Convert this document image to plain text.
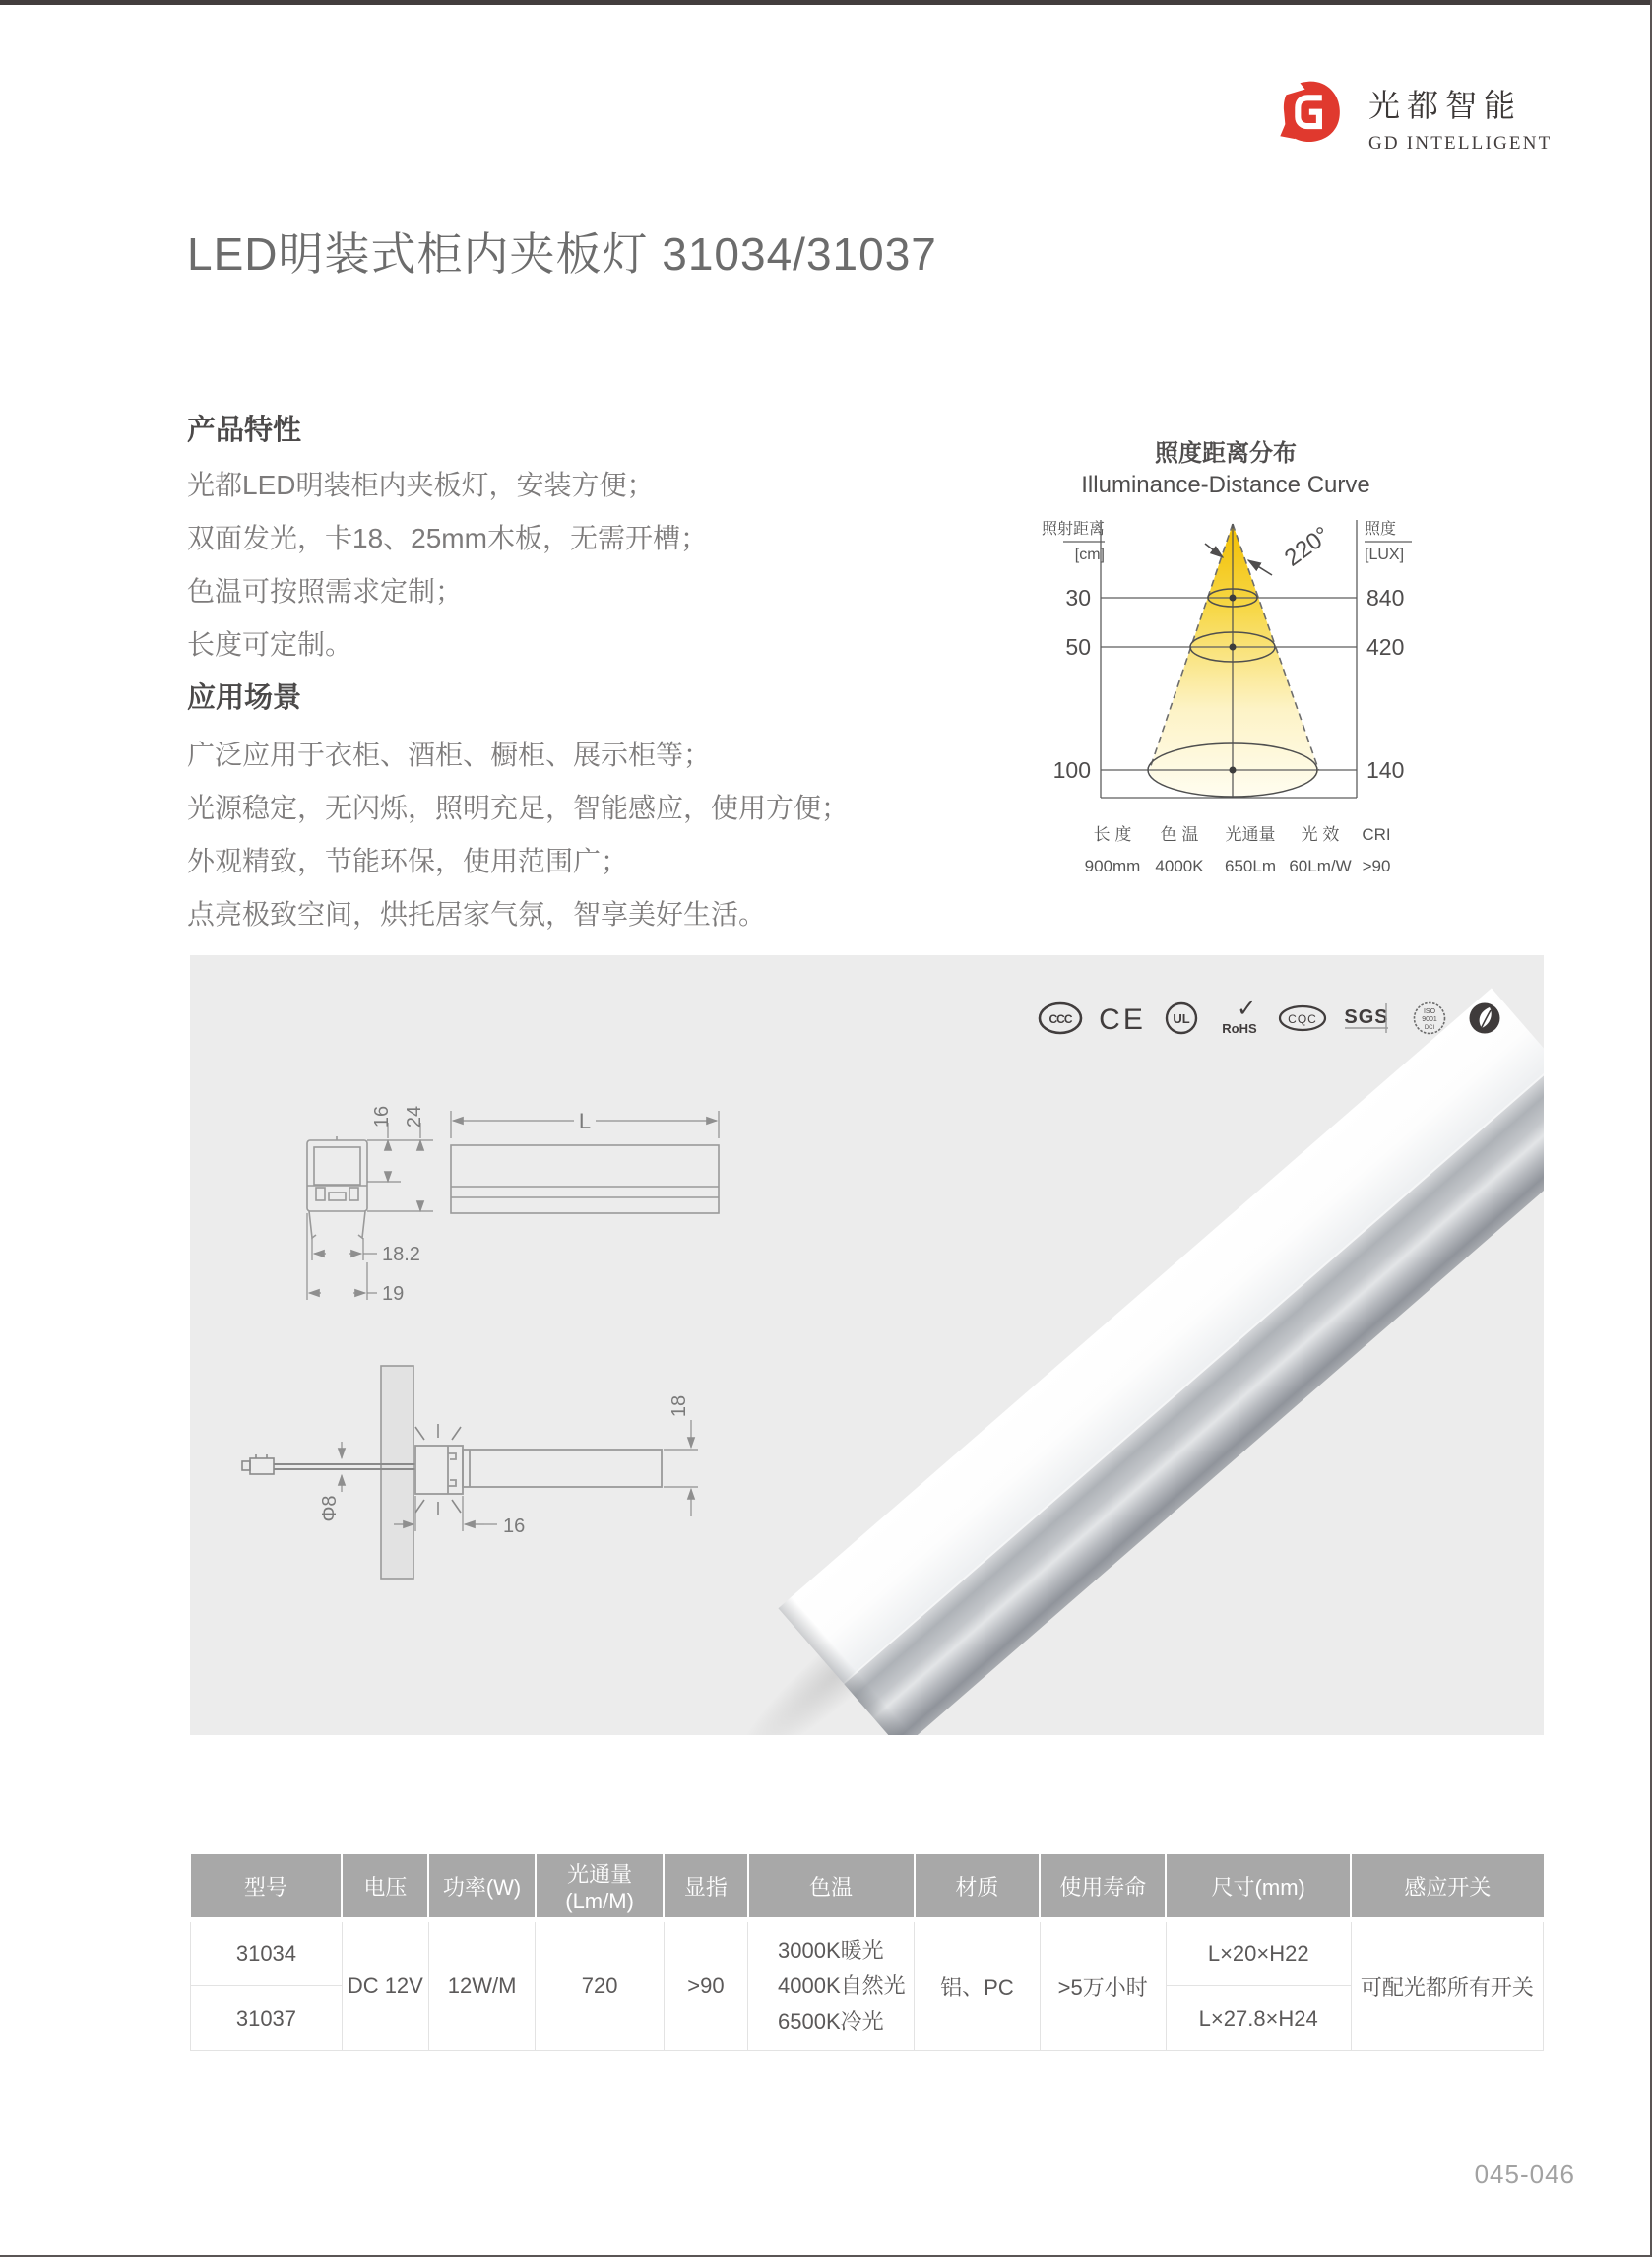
光都智能
GD INTELLIGENT
LED明装式柜内夹板灯 31034/31037
产品特性
光都LED明装柜内夹板灯，安装方便；
双面发光，卡18、25mm木板，无需开槽；
色温可按照需求定制；
长度可定制。
应用场景
广泛应用于衣柜、酒柜、橱柜、展示柜等；
光源稳定，无闪烁，照明充足，智能感应，使用方便；
外观精致，节能环保，使用范围广；
点亮极致空间，烘托居家气氛，智享美好生活。
照度距离分布
Illuminance-Distance Curve
220°
照射距离
[cm]
照度
[LUX]
30
50
100
840
420
140
长 度
900mm
色 温
4000K
光通量
650Lm
光 效
60Lm/W
CRI
>90
CCC CE UL ✓
RoHS
CQC SGS	ISO
9001
DCI
16 24
18.2
19
L
Φ8
16
18
型号	电压	功率(W)	光通量(Lm/M)	显指	色温	材质	使用寿命	尺寸(mm)	感应开关
31034	DC 12V	12W/M	720	>90	3000K暖光
4000K自然光
6500K冷光	铝、PC	>5万小时	L×20×H22	可配光都所有开关
31037								L×27.8×H24	
045-046
